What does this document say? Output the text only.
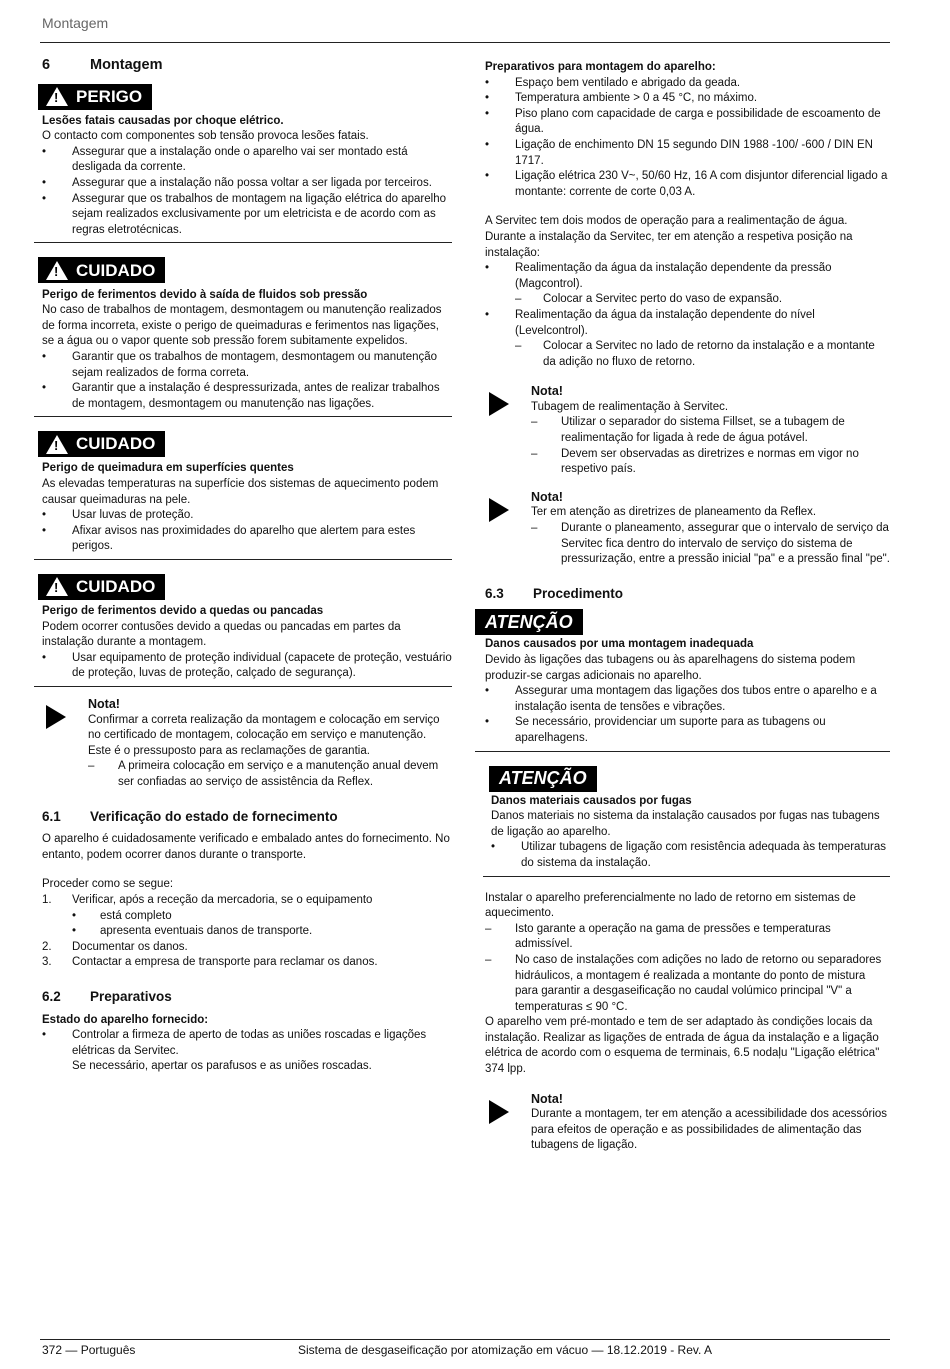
Montagem
6	Montagem
!
PERIGO
Lesões fatais causadas por choque elétrico.

O contacto com componentes sob tensão provoca lesões fatais.

• Assegurar que a instalação onde o aparelho vai ser montado está desligada da corrente.
• Assegurar que a instalação não possa voltar a ser ligada por terceiros.
• Assegurar que os trabalhos de montagem na ligação elétrica do aparelho sejam realizados exclusivamente por um eletricista e de acordo com as regras eletrotécnicas.
!
CUIDADO
Perigo de ferimentos devido à saída de fluidos sob pressão

No caso de trabalhos de montagem, desmontagem ou manutenção realizados de forma incorreta, existe o perigo de queimaduras e ferimentos nas ligações, se a água ou o vapor quente sob pressão forem subitamente expelidos.

• Garantir que os trabalhos de montagem, desmontagem ou manutenção sejam realizados de forma correta.
• Garantir que a instalação é despressurizada, antes de realizar trabalhos de montagem, desmontagem ou manutenção nas ligações.
!
CUIDADO
Perigo de queimadura em superfícies quentes

As elevadas temperaturas na superfície dos sistemas de aquecimento podem causar queimaduras na pele.

• Usar luvas de proteção.
• Afixar avisos nas proximidades do aparelho que alertem para estes perigos.
!
CUIDADO
Perigo de ferimentos devido a quedas ou pancadas

Podem ocorrer contusões devido a quedas ou pancadas em partes da instalação durante a montagem.

• Usar equipamento de proteção individual (capacete de proteção, vestuário de proteção, luvas de proteção, calçado de segurança).
Nota!

Confirmar a correta realização da montagem e colocação em serviço no certificado de montagem, colocação em serviço e manutenção. Este é o pressuposto para as reclamações de garantia.

– A primeira colocação em serviço e a manutenção anual devem ser confiadas ao serviço de assistência da Reflex.
6.1	Verificação do estado de fornecimento

O aparelho é cuidadosamente verificado e embalado antes do fornecimento. No entanto, podem ocorrer danos durante o transporte.

Proceder como se segue:

1. Verificar, após a receção da mercadoria, se o equipamento
• está completo
• apresenta eventuais danos de transporte.
2. Documentar os danos.
3. Contactar a empresa de transporte para reclamar os danos.
6.2	Preparativos
Estado do aparelho fornecido:
• Controlar a firmeza de aperto de todas as uniões roscadas e ligações elétricas da Servitec.
Se necessário, apertar os parafusos e as uniões roscadas.
Preparativos para montagem do aparelho:
• Espaço bem ventilado e abrigado da geada.
• Temperatura ambiente > 0 a 45 °C, no máximo.
• Piso plano com capacidade de carga e possibilidade de escoamento de água.
• Ligação de enchimento DN 15 segundo DIN 1988 -100/ -600 / DIN EN 1717.
• Ligação elétrica 230 V~, 50/60 Hz, 16 A com disjuntor diferencial ligado a montante: corrente de corte 0,03 A.

A Servitec tem dois modos de operação para a realimentação de água. Durante a instalação da Servitec, ter em atenção a respetiva posição na instalação:

• Realimentação da água da instalação dependente da pressão (Magcontrol).
– Colocar a Servitec perto do vaso de expansão.
• Realimentação da água da instalação dependente do nível (Levelcontrol).
– Colocar a Servitec no lado de retorno da instalação e a montante da adição no fluxo de retorno.
Nota!

Tubagem de realimentação à Servitec.

– Utilizar o separador do sistema Fillset, se a tubagem de realimentação for ligada à rede de água potável.
– Devem ser observadas as diretrizes e normas em vigor no respetivo país.
Nota!

Ter em atenção as diretrizes de planeamento da Reflex.

– Durante o planeamento, assegurar que o intervalo de serviço da Servitec fica dentro do intervalo de serviço do sistema de pressurização, entre a pressão inicial "pa" e a pressão final "pe".
6.3	Procedimento
ATENÇÃO
Danos causados por uma montagem inadequada

Devido às ligações das tubagens ou às aparelhagens do sistema podem produzir-se cargas adicionais no aparelho.

• Assegurar uma montagem das ligações dos tubos entre o aparelho e a instalação isenta de tensões e vibrações.
• Se necessário, providenciar um suporte para as tubagens ou aparelhagens.
ATENÇÃO
Danos materiais causados por fugas

Danos materiais no sistema da instalação causados por fugas nas tubagens de ligação ao aparelho.

• Utilizar tubagens de ligação com resistência adequada às temperaturas do sistema da instalação.

Instalar o aparelho preferencialmente no lado de retorno em sistemas de aquecimento.

– Isto garante a operação na gama de pressões e temperaturas admissível.
– No caso de instalações com adições no lado de retorno ou separadores hidráulicos, a montagem é realizada a montante do ponto de mistura para garantir a desgaseificação no caudal volúmico principal "V" a temperaturas ≤ 90 °C.

O aparelho vem pré-montado e tem de ser adaptado às condições locais da instalação. Realizar as ligações de entrada de água da instalação e a ligação elétrica de acordo com o esquema de terminais, 6.5 nodaļu "Ligação elétrica" 374 lpp.

Nota!

Durante a montagem, ter em atenção a acessibilidade dos acessórios para efeitos de operação e as possibilidades de alimentação das tubagens de ligação.

372 — Português	Sistema de desgaseificação por atomização em vácuo — 18.12.2019 - Rev. A
